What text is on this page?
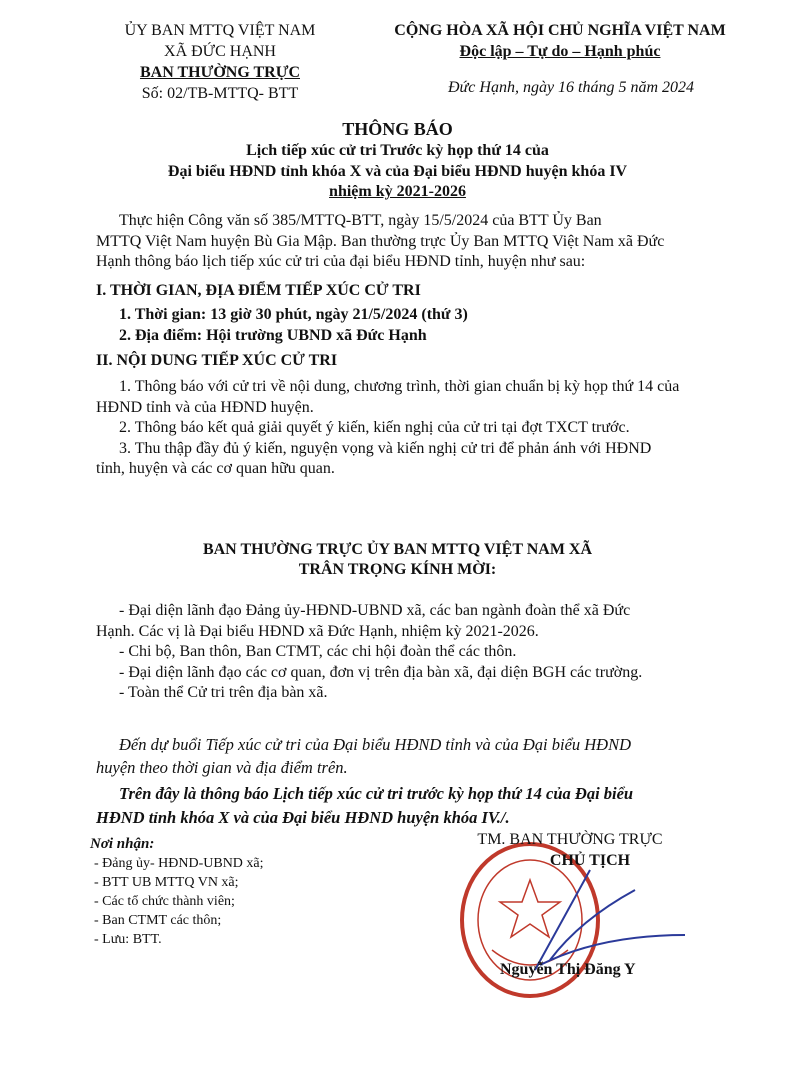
ỦY BAN MTTQ VIỆT NAM
XÃ ĐỨC HẠNH
BAN THƯỜNG TRỰC
Số: 02/TB-MTTQ- BTT
CỘNG HÒA XÃ HỘI CHỦ NGHĨA VIỆT NAM
Độc lập – Tự do – Hạnh phúc
Đức Hạnh, ngày 16 tháng 5 năm 2024
THÔNG BÁO
Lịch tiếp xúc cử tri Trước kỳ họp thứ 14 của
Đại biểu HĐND tỉnh khóa X và của Đại biểu HĐND huyện khóa IV
nhiệm kỳ 2021-2026
Thực hiện Công văn số 385/MTTQ-BTT, ngày 15/5/2024 của BTT Ủy Ban
MTTQ Việt Nam huyện Bù Gia Mập. Ban thường trực Ủy Ban MTTQ Việt Nam xã Đức
Hạnh thông báo lịch tiếp xúc cử tri của đại biểu HĐND tỉnh, huyện như sau:
I. THỜI GIAN, ĐỊA ĐIỂM TIẾP XÚC CỬ TRI
1. Thời gian: 13 giờ 30 phút, ngày 21/5/2024 (thứ 3)
2. Địa điểm: Hội trường UBND xã Đức Hạnh
II. NỘI DUNG TIẾP XÚC CỬ TRI
1. Thông báo với cử tri về nội dung, chương trình, thời gian chuẩn bị kỳ họp thứ 14 của
HĐND tỉnh và của HĐND huyện.
2. Thông báo kết quả giải quyết ý kiến, kiến nghị của cử tri tại đợt TXCT trước.
3. Thu thập đầy đủ ý kiến, nguyện vọng và kiến nghị cử tri để phản ánh với HĐND
tỉnh, huyện và các cơ quan hữu quan.
BAN THƯỜNG TRỰC ỦY BAN MTTQ VIỆT NAM XÃ
TRÂN TRỌNG KÍNH MỜI:
- Đại diện lãnh đạo Đảng ủy-HĐND-UBND xã, các ban ngành đoàn thể xã Đức
Hạnh. Các vị là Đại biểu HĐND xã Đức Hạnh, nhiệm kỳ 2021-2026.
- Chi bộ, Ban thôn, Ban CTMT, các chi hội đoàn thể các thôn.
- Đại diện lãnh đạo các cơ quan, đơn vị trên địa bàn xã, đại diện BGH các trường.
- Toàn thể Cử tri trên địa bàn xã.
Đến dự buổi Tiếp xúc cử tri của Đại biểu HĐND tỉnh và của Đại biểu HĐND
huyện theo thời gian và địa điểm trên.
Trên đây là thông báo Lịch tiếp xúc cử tri trước kỳ họp thứ 14 của Đại biểu
HĐND tỉnh khóa X và của Đại biểu HĐND huyện khóa IV./.
Nơi nhận:
- Đảng ủy- HĐND-UBND xã;
- BTT UB MTTQ VN xã;
- Các tổ chức thành viên;
- Ban CTMT các thôn;
- Lưu: BTT.
TM. BAN THƯỜNG TRỰC
CHỦ TỊCH
Nguyễn Thị Đăng Y
